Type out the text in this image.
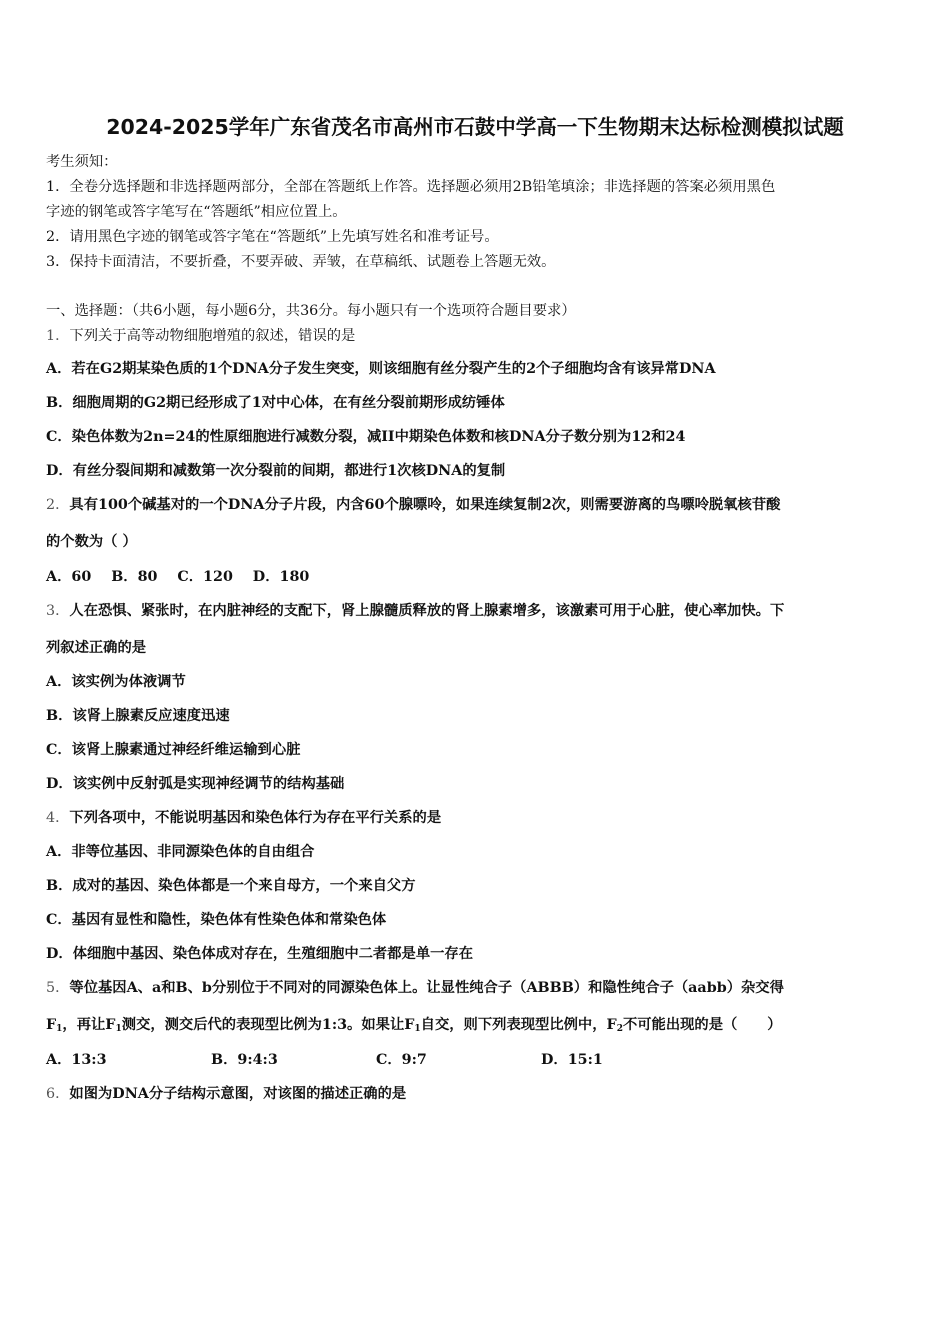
2024-2025学年广东省茂名市高州市石鼓中学高一下生物期末达标检测模拟试题
考生须知：
1．全卷分选择题和非选择题两部分，全部在答题纸上作答。选择题必须用2B铅笔填涂；非选择题的答案必须用黑色
字迹的钢笔或答字笔写在“答题纸”相应位置上。
2．请用黑色字迹的钢笔或答字笔在“答题纸”上先填写姓名和准考证号。
3．保持卡面清洁，不要折叠，不要弄破、弄皱，在草稿纸、试题卷上答题无效。
一、选择题：（共6小题，每小题6分，共36分。每小题只有一个选项符合题目要求）
1．下列关于高等动物细胞增殖的叙述，错误的是
A．若在G2期某染色质的1个DNA分子发生突变，则该细胞有丝分裂产生的2个子细胞均含有该异常DNA
B．细胞周期的G2期已经形成了1对中心体，在有丝分裂前期形成纺锤体
C．染色体数为2n=24的性原细胞进行减数分裂，减II中期染色体数和核DNA分子数分别为12和24
D．有丝分裂间期和减数第一次分裂前的间期，都进行1次核DNA的复制
2．具有100个碱基对的一个DNA分子片段，内含60个腺嘌呤，如果连续复制2次，则需要游离的鸟嘌呤脱氧核苷酸
的个数为（ ）
A．60    B．80    C．120    D．180
3．人在恐惧、紧张时，在内脏神经的支配下，肾上腺髓质释放的肾上腺素增多，该激素可用于心脏，使心率加快。下
列叙述正确的是
A．该实例为体液调节
B．该肾上腺素反应速度迅速
C．该肾上腺素通过神经纤维运输到心脏
D．该实例中反射弧是实现神经调节的结构基础
4．下列各项中，不能说明基因和染色体行为存在平行关系的是
A．非等位基因、非同源染色体的自由组合
B．成对的基因、染色体都是一个来自母方，一个来自父方
C．基因有显性和隐性，染色体有性染色体和常染色体
D．体细胞中基因、染色体成对存在，生殖细胞中二者都是单一存在
5．等位基因A、a和B、b分别位于不同对的同源染色体上。让显性纯合子（ABBB）和隐性纯合子（aabb）杂交得
$F_1$，再让$F_1$测交，测交后代的表现型比例为1:3。如果让$F_1$自交，则下列表现型比例中，$F_2$不可能出现的是（      ）
A．13:3	B．9:4:3	C．9:7	D．15:1
6．如图为DNA分子结构示意图，对该图的描述正确的是
